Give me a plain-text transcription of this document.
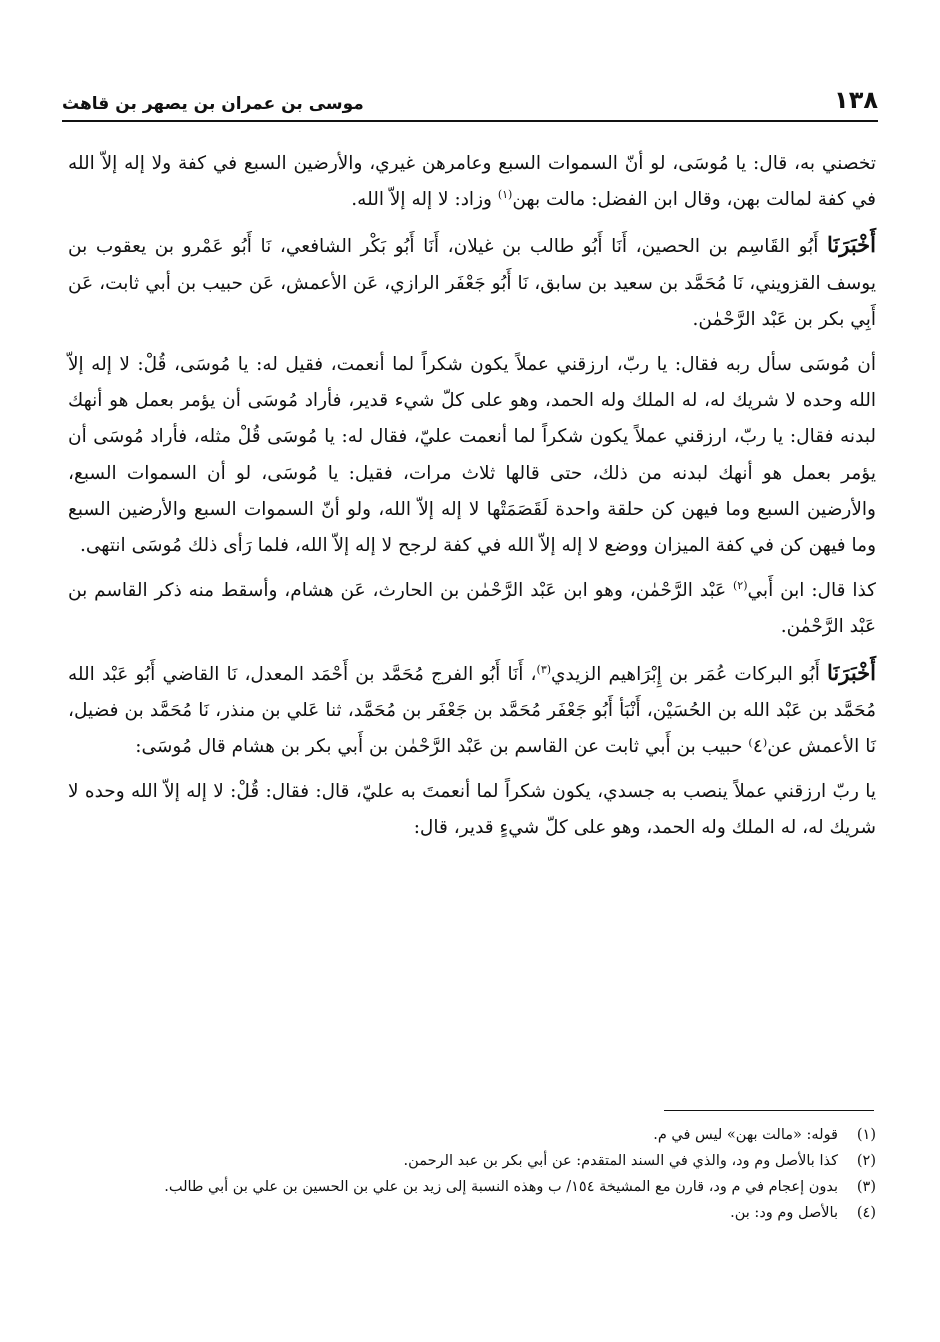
١٣٨
موسى بن عمران بن يصهر بن قاهث

تخصني به، قال: يا مُوسَى، لو أنّ السموات السبع وعامرهن غيري، والأرضين السبع في كفة ولا إله إلاّ الله في كفة لمالت بهن، وقال ابن الفضل: مالت بهن$^{(١)}$ وزاد: لا إله إلاّ الله.

أَخْبَرَنَا أَبُو القَاسِم بن الحصين، أَنَا أَبُو طالب بن غيلان، أَنَا أَبُو بَكْر الشافعي، نَا أَبُو عَمْرو بن يعقوب بن يوسف القزويني، نَا مُحَمَّد بن سعيد بن سابق، نَا أَبُو جَعْفَر الرازي، عَن الأعمش، عَن حبيب بن أبي ثابت، عَن أَبِي بكر بن عَبْد الرَّحْمٰن.

أن مُوسَى سأل ربه فقال: يا ربّ، ارزقني عملاً يكون شكراً لما أنعمت، فقيل له: يا مُوسَى، قُلْ: لا إله إلاّ الله وحده لا شريك له، له الملك وله الحمد، وهو على كلّ شيء قدير، فأراد مُوسَى أن يؤمر بعمل هو أنهك لبدنه فقال: يا ربّ، ارزقني عملاً يكون شكراً لما أنعمت عليّ، فقال له: يا مُوسَى قُلْ مثله، فأراد مُوسَى أن يؤمر بعمل هو أنهك لبدنه من ذلك، حتى قالها ثلاث مرات، فقيل: يا مُوسَى، لو أن السموات السبع، والأرضين السبع وما فيهن كن حلقة واحدة لَقَصَمَتْها لا إله إلاّ الله، ولو أنّ السموات السبع والأرضين السبع وما فيهن كن في كفة الميزان ووضع لا إله إلاّ الله في كفة لرجح لا إله إلاّ الله، فلما رَأى ذلك مُوسَى انتهى.

كذا قال: ابن أَبي$^{(٢)}$ عَبْد الرَّحْمٰن، وهو ابن عَبْد الرَّحْمٰن بن الحارث، عَن هشام، وأسقط منه ذكر القاسم بن عَبْد الرَّحْمٰن.

أَخْبَرَنَا أَبُو البركات عُمَر بن إِبْرَاهيم الزيدي$^{(٣)}$، أَنَا أَبُو الفرج مُحَمَّد بن أَحْمَد المعدل، نَا القاضي أَبُو عَبْد الله مُحَمَّد بن عَبْد الله بن الحُسَيْن، أَنْبَأ أَبُو جَعْفَر مُحَمَّد بن جَعْفَر بن مُحَمَّد، ثنا عَلي بن منذر، نَا مُحَمَّد بن فضيل، نَا الأعمش عن⁽٤⁾ حبيب بن أَبي ثابت عن القاسم بن عَبْد الرَّحْمٰن بن أَبي بكر بن هشام قال مُوسَى:

يا ربّ ارزقني عملاً ينصب به جسدي، يكون شكراً لما أنعمتَ به عليّ، قال: فقال: قُلْ: لا إله إلاّ الله وحده لا شريك له، له الملك وله الحمد، وهو على كلّ شيءٍ قدير، قال:

(١)
قوله: «مالت بهن» ليس في م.
(٢)
كذا بالأصل وم ود، والذي في السند المتقدم: عن أبي بكر بن عبد الرحمن.
(٣)
بدون إعجام في م ود، قارن مع المشيخة ١٥٤/ ب وهذه النسبة إلى زيد بن علي بن الحسين بن علي بن أبي طالب.
(٤)
بالأصل وم ود: بن.
